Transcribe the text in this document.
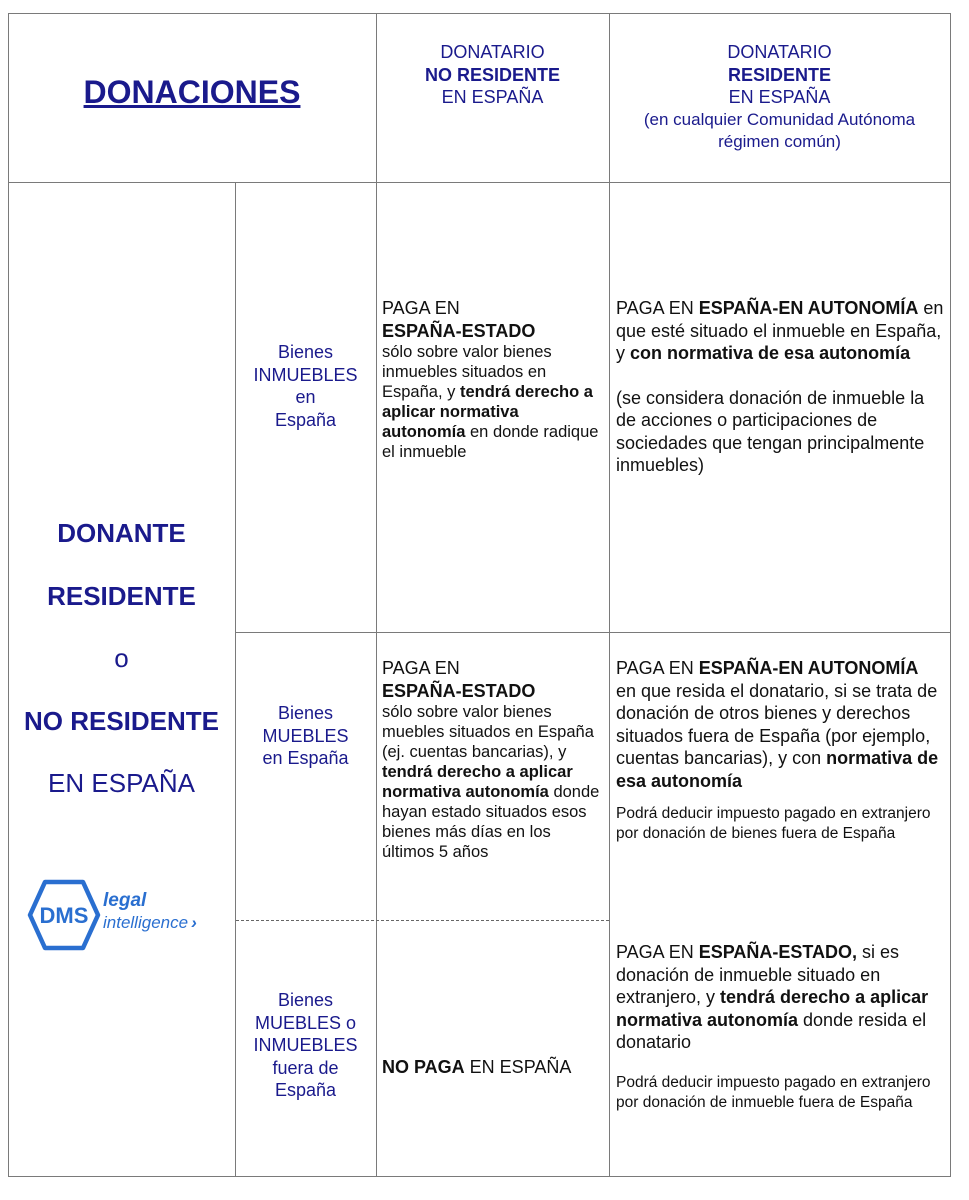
DONACIONES
DONATARIO
NO RESIDENTE
EN ESPAÑA
DONATARIO
RESIDENTE
EN ESPAÑA
(en cualquier Comunidad Autónoma
régimen común)
DONANTE
RESIDENTE
o
NO RESIDENTE
EN ESPAÑA
DMS
legal
intelligence ›
Bienes
INMUEBLES
en
España
Bienes
MUEBLES
en España
Bienes
MUEBLES o
INMUEBLES
fuera de
España
PAGA EN
ESPAÑA-ESTADO
sólo sobre valor bienes inmuebles situados en España, y tendrá derecho a aplicar normativa autonomía en donde radique el inmueble
PAGA EN ESPAÑA-EN AUTONOMÍA en que esté situado el inmueble en España, y con normativa de esa autonomía
(se considera donación de inmueble la de acciones o participaciones de sociedades que tengan principalmente inmuebles)
PAGA EN
ESPAÑA-ESTADO
sólo sobre valor bienes muebles situados en España (ej. cuentas bancarias), y tendrá derecho a aplicar normativa autonomía donde hayan estado situados esos bienes más días en los últimos 5 años
PAGA EN ESPAÑA-EN AUTONOMÍA
en que resida el donatario, si se trata de donación de otros bienes y derechos situados fuera de España (por ejemplo, cuentas bancarias), y con normativa de esa autonomía
Podrá deducir impuesto pagado en extranjero por donación de bienes fuera de España
NO PAGA EN ESPAÑA
PAGA EN ESPAÑA-ESTADO, si es donación de inmueble situado en extranjero, y tendrá derecho a aplicar normativa autonomía donde resida el donatario
Podrá deducir impuesto pagado en extranjero por donación de inmueble fuera de España
